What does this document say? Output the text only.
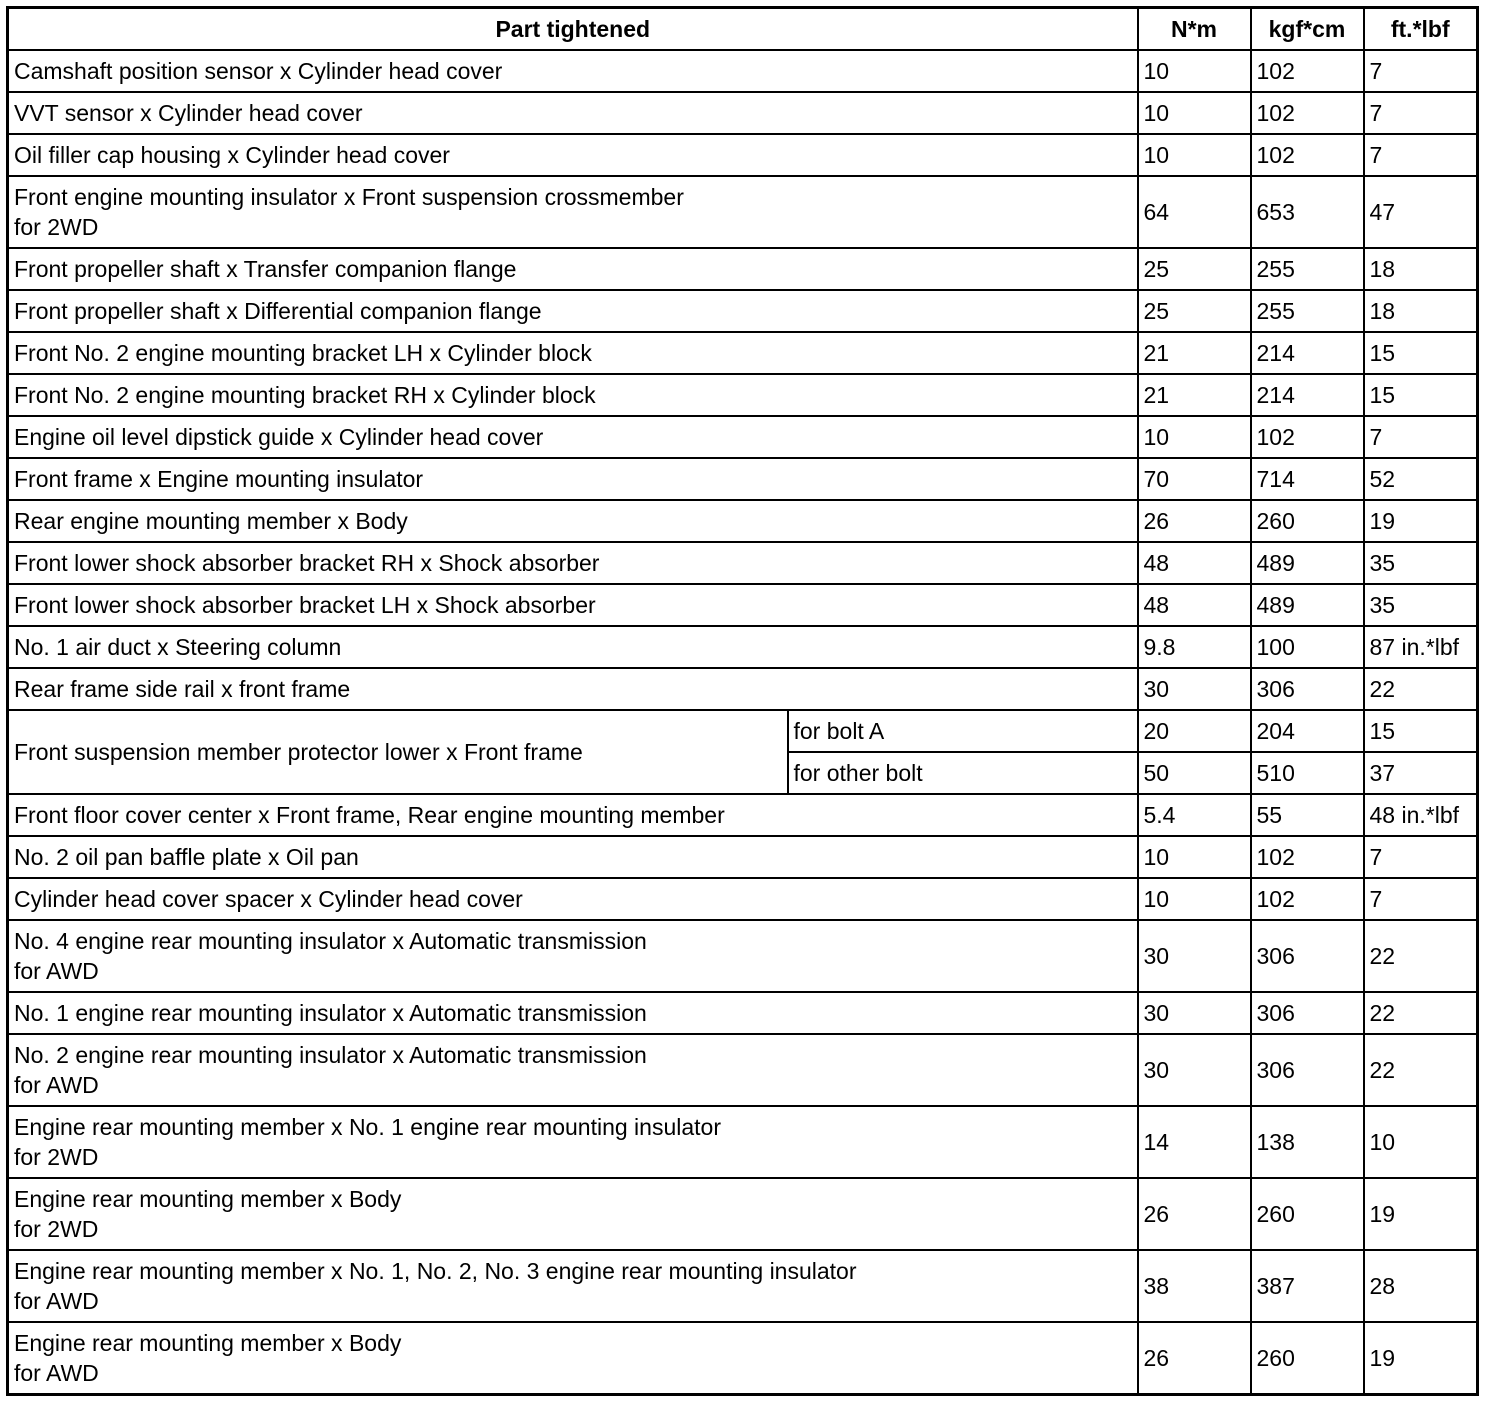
Part tightened		N*m	kgf*cm	ft.*lbf

Camshaft position sensor x Cylinder head cover		10	102	7

VVT sensor x Cylinder head cover		10	102	7

Oil filler cap housing x Cylinder head cover		10	102	7

Front engine mounting insulator x Front suspension crossmember
for 2WD		64	653	47

Front propeller shaft x Transfer companion flange		25	255	18

Front propeller shaft x Differential companion flange		25	255	18

Front No. 2 engine mounting bracket LH x Cylinder block		21	214	15

Front No. 2 engine mounting bracket RH x Cylinder block		21	214	15

Engine oil level dipstick guide x Cylinder head cover		10	102	7

Front frame x Engine mounting insulator		70	714	52

Rear engine mounting member x Body		26	260	19

Front lower shock absorber bracket RH x Shock absorber		48	489	35

Front lower shock absorber bracket LH x Shock absorber		48	489	35

No. 1 air duct x Steering column		9.8	100	87 in.*lbf

Rear frame side rail x front frame		30	306	22
Front suspension member protector lower x Front frame	for bolt A	20	204	15
	for other bolt	50	510	37

Front floor cover center x Front frame, Rear engine mounting member		5.4	55	48 in.*lbf

No. 2 oil pan baffle plate x Oil pan		10	102	7

Cylinder head cover spacer x Cylinder head cover		10	102	7

No. 4 engine rear mounting insulator x Automatic transmission
for AWD		30	306	22

No. 1 engine rear mounting insulator x Automatic transmission		30	306	22

No. 2 engine rear mounting insulator x Automatic transmission
for AWD		30	306	22

Engine rear mounting member x No. 1 engine rear mounting insulator
for 2WD		14	138	10

Engine rear mounting member x Body
for 2WD		26	260	19

Engine rear mounting member x No. 1, No. 2, No. 3 engine rear mounting insulator
for AWD		38	387	28

Engine rear mounting member x Body
for AWD		26	260	19
